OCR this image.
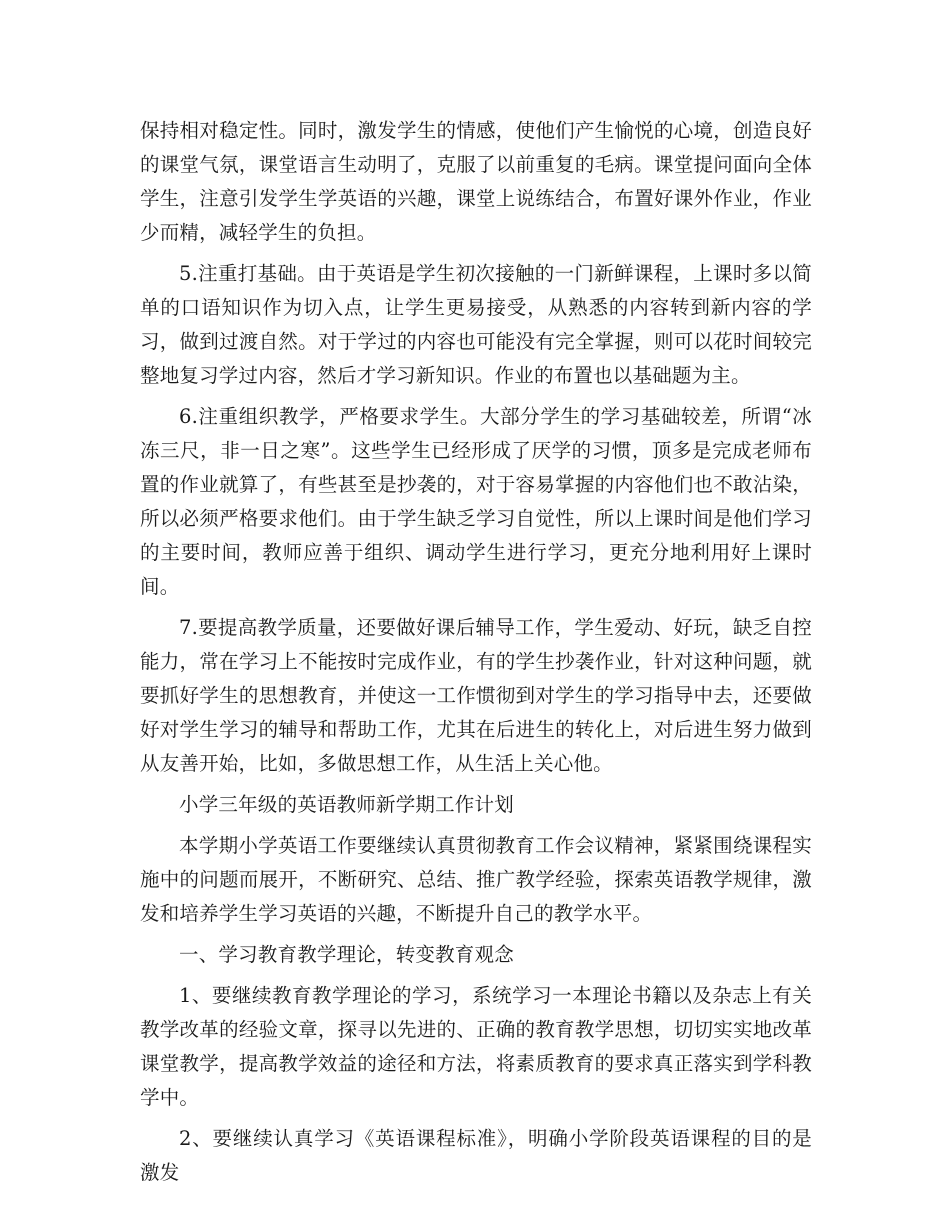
保持相对稳定性。同时，激发学生的情感，使他们产生愉悦的心境，创造良好的课堂气氛，课堂语言生动明了，克服了以前重复的毛病。课堂提问面向全体学生，注意引发学生学英语的兴趣，课堂上说练结合，布置好课外作业，作业少而精，减轻学生的负担。

5.注重打基础。由于英语是学生初次接触的一门新鲜课程，上课时多以简单的口语知识作为切入点，让学生更易接受，从熟悉的内容转到新内容的学习，做到过渡自然。对于学过的内容也可能没有完全掌握，则可以花时间较完整地复习学过内容，然后才学习新知识。作业的布置也以基础题为主。

6.注重组织教学，严格要求学生。大部分学生的学习基础较差，所谓“冰冻三尺，非一日之寒”。这些学生已经形成了厌学的习惯，顶多是完成老师布置的作业就算了，有些甚至是抄袭的，对于容易掌握的内容他们也不敢沾染，所以必须严格要求他们。由于学生缺乏学习自觉性，所以上课时间是他们学习的主要时间，教师应善于组织、调动学生进行学习，更充分地利用好上课时间。

7.要提高教学质量，还要做好课后辅导工作，学生爱动、好玩，缺乏自控能力，常在学习上不能按时完成作业，有的学生抄袭作业，针对这种问题，就要抓好学生的思想教育，并使这一工作惯彻到对学生的学习指导中去，还要做好对学生学习的辅导和帮助工作，尤其在后进生的转化上，对后进生努力做到从友善开始，比如，多做思想工作，从生活上关心他。

小学三年级的英语教师新学期工作计划

本学期小学英语工作要继续认真贯彻教育工作会议精神，紧紧围绕课程实施中的问题而展开，不断研究、总结、推广教学经验，探索英语教学规律，激发和培养学生学习英语的兴趣，不断提升自己的教学水平。

一、学习教育教学理论，转变教育观念

1、要继续教育教学理论的学习，系统学习一本理论书籍以及杂志上有关教学改革的经验文章，探寻以先进的、正确的教育教学思想，切切实实地改革课堂教学，提高教学效益的途径和方法，将素质教育的要求真正落实到学科教学中。

2、要继续认真学习《英语课程标准》，明确小学阶段英语课程的目的是激发
